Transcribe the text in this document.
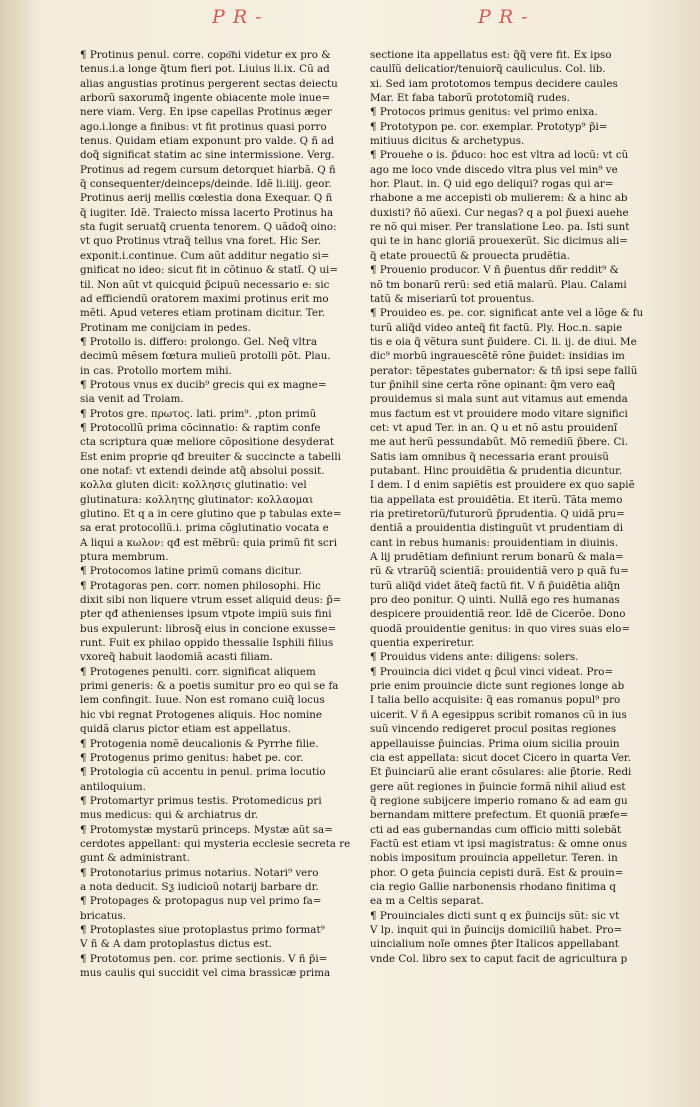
P R -	P R -
¶ Protinus penul. corre. copo͞ni videtur ex pro &
tenus.i.a longe q̃tum fieri pot. Liuius li.ix. Cũ ad
alias angustias protinus pergerent sectas deiectu
arborũ saxorumq̃ ingente obiacente mole inue=
nere viam. Verg. En ipse capellas Protinus æger
ago.i.longe a finibus: vt fit protinus quasi porro
tenus. Quidam etiam exponunt pro valde. Q ñ ad
doq̃ significat statim ac sine intermissione. Verg.
Protinus ad regem cursum detorquet hiarbã. Q ñ
q̃ consequenter/deinceps/deinde. Idẽ li.iiij. geor.
Protinus aerij mellis cœlestia dona Exequar. Q ñ
q̃ iugiter. Idẽ. Traiecto missa lacerto Protinus ha
sta fugit seruatq̃ cruenta tenorem. Q uãdoq̃ oino:
vt quo Protinus vtraq̃ tellus vna foret. Hic Ser.
exponit.i.continue. Cum aũt additur negatio si=
gnificat no ideo: sicut fit in cõtinuo & statĩ. Q ui=
til. Non aũt vt quicquid p̃cipuũ necessario e: sic
ad efficiendũ oratorem maximi protinus erit mo
mẽti. Apud veteres etiam protinam dicitur. Ter.
Protinam me conijciam in pedes.
¶ Protollo is. differo: prolongo. Gel. Neq̃ vltra
decimũ mẽsem fœtura mulieũ protolli põt. Plau.
in cas. Protollo mortem mihi.
¶ Protous vnus ex ducib⁹ grecis qui ex magne=
sia venit ad Troiam.
¶ Protos gre. πρωτος. lati. prim⁹. ,pton primũ
¶ Protocollũ prima cõcinnatio: & raptim confe
cta scriptura quæ meliore cõpositione desyderat
Est enim proprie qđ breuiter & succincte a tabelli
one notaf: vt extendi deinde atq̃ absolui possit.
κολλα gluten dicit: κολλησις glutinatio: vel
glutinatura: κολλητης glutinator: κολλαομαι
glutino. Et q a in cere glutino que p tabulas exte=
sa erat protocollũ.i. prima cõglutinatio vocata e
A liqui a κωλον: qđ est mẽbrũ: quia primũ fit scri
ptura membrum.
¶ Protocomos latine primũ comans dicitur.
¶ Protagoras pen. corr. nomen philosophi. Hic
dixit sibi non liquere vtrum esset aliquid deus: p̃=
pter qđ athenienses ipsum vtpote impiũ suis fini
bus expulerunt: librosq̃ eius in concione exusse=
runt. Fuit ex philao oppido thessalie Isphili filius
vxoreq̃ habuit laodomiã acasti filiam.
¶ Protogenes penulti. corr. significat aliquem
primi generis: & a poetis sumitur pro eo qui se fa
lem confingit. Iuue. Non est romano cuiq̃ locus
hic vbi regnat Protogenes aliquis. Hoc nomine
quidã clarus pictor etiam est appellatus.
¶ Protogenia nomẽ deucalionis & Pyrrhe filie.
¶ Protogenus primo genitus: habet pe. cor.
¶ Protologia cũ accentu in penul. prima locutio
antiloquium.
¶ Protomartyr primus testis. Protomedicus pri
mus medicus: qui & archiatrus dr.
¶ Protomystæ mystarũ princeps. Mystæ aũt sa=
cerdotes appellant: qui mysteria ecclesie secreta re
gunt & administrant.
¶ Protonotarius primus notarius. Notari⁹ vero
a nota deducit. Sƺ iudicioũ notarij barbare dr.
¶ Protopages & protopagus nup vel primo fa=
bricatus.
¶ Protoplastes siue protoplastus primo format⁹
V ñ & A dam protoplastus dictus est.
¶ Prototomus pen. cor. prime sectionis. V ñ p̃i=
mus caulis qui succidit vel cima brassicæ prima
sectione ita appellatus est: q̃q̃ vere fit. Ex ipso
caulĩũ delicatior/tenuiorq̃ cauliculus. Col. lib.
xi. Sed iam prototomos tempus decidere caules
Mar. Et faba taborũ prototomiq̃ rudes.
¶ Protocos primus genitus: vel primo enixa.
¶ Prototypon pe. cor. exemplar. Prototyp⁹ p̃i=
mitiuus dicitus & archetypus.
¶ Prouehe o is. p̃duco: hoc est vltra ad locũ: vt cũ
ago me loco vnde discedo vltra plus vel min⁹ ve
hor. Plaut. in. Q uid ego deliqui? rogas qui ar=
rhabone a me accepisti ob mulierem: & a hinc ab
duxisti? ñõ aũexi. Cur negas? q a pol p̃uexi auehe
re nõ qui miser. Per translatione Leo. pa. Isti sunt
qui te in hanc gloriã prouexerũt. Sic dicimus ali=
q̃ etate prouectũ & prouecta prudẽtia.
¶ Prouenio producor. V ñ p̃uentus dñr reddit⁹ &
nõ tm bonarũ rerũ: sed etiã malarũ. Plau. Calami
tatũ & miseriarũ tot prouentus.
¶ Prouideo es. pe. cor. significat ante vel a lõge & fu
turũ aliq̃d video anteq̃ fit factũ. Ply. Hoc.n. sapie
tis e oia q̃ vẽtura sunt p̃uidere. Ci. li. ij. de diui. Me
dic⁹ morbũ ingrauescẽtẽ rõne p̃uidet: insidias im
perator: tẽpestates gubernator: & tñ ipsi sepe fallũ
tur p̃nihil sine certa rõne opinant: q̃m vero eaq̃
prouidemus si mala sunt aut vitamus aut emenda
mus factum est vt prouidere modo vitare significi
cet: vt apud Ter. in an. Q u et nõ astu prouidenĩ
me aut herũ pessundabũt. Mõ remediũ p̃bere. Ci.
Satis iam omnibus q̃ necessaria erant prouisũ
putabant. Hinc prouidẽtia & prudentia dicuntur.
I dem. I d enim sapiẽtis est prouidere ex quo sapiẽ
tia appellata est prouidẽtia. Et iterũ. Tãta memo
ria pretiretorũ/futurorũ p̃prudentia. Q uidã pru=
dentiã a prouidentia distinguũt vt prudentiam di
cant in rebus humanis: prouidentiam in diuinis.
A lij prudẽtiam definiunt rerum bonarũ & mala=
rũ & vtrarũq̃ scientiã: prouidentiã vero p quã fu=
turũ aliq̃d videt ãteq̃ factũ fit. V ñ p̃uidẽtia aliq̃n
pro deo ponitur. Q uinti. Nullã ego res humanas
despicere prouidentiã reor. Idẽ de Cicerõe. Dono
quodã prouidentie genitus: in quo vires suas elo=
quentia experiretur.
¶ Prouidus videns ante: diligens: solers.
¶ Prouincia dici videt q p̃cul vinci videat. Pro=
prie enim prouincie dicte sunt regiones longe ab
I talia bello acquisite: q̃ eas romanus popul⁹ pro
uicerit. V ñ A egesippus scribit romanos cũ in ius
suũ vincendo redigeret procul positas regiones
appellauisse p̃uincias. Prima oium sicilia prouin
cia est appellata: sicut docet Cicero in quarta Ver.
Et p̃uinciarũ alie erant cõsulares: alie p̃torie. Redi
gere aũt regiones in p̃uincie formã nihil aliud est
q̃ regione subijcere imperio romano & ad eam gu
bernandam mittere prefectum. Et quoniã præfe=
cti ad eas gubernandas cum officio mitti solebãt
Factũ est etiam vt ipsi magistratus: & omne onus
nobis impositum prouincia appelletur. Teren. in
phor. O geta p̃uincia cepisti durã. Est & prouin=
cia regio Gallie narbonensis rhodano finitima q
ea m a Celtis separat.
¶ Prouinciales dicti sunt q ex p̃uincijs sũt: sic vt
V lp. inquit qui in p̃uincijs domiciliũ habet. Pro=
uincialium noĩe omnes p̃ter Italicos appellabant
vnde Col. libro sex to caput facit de agricultura p
